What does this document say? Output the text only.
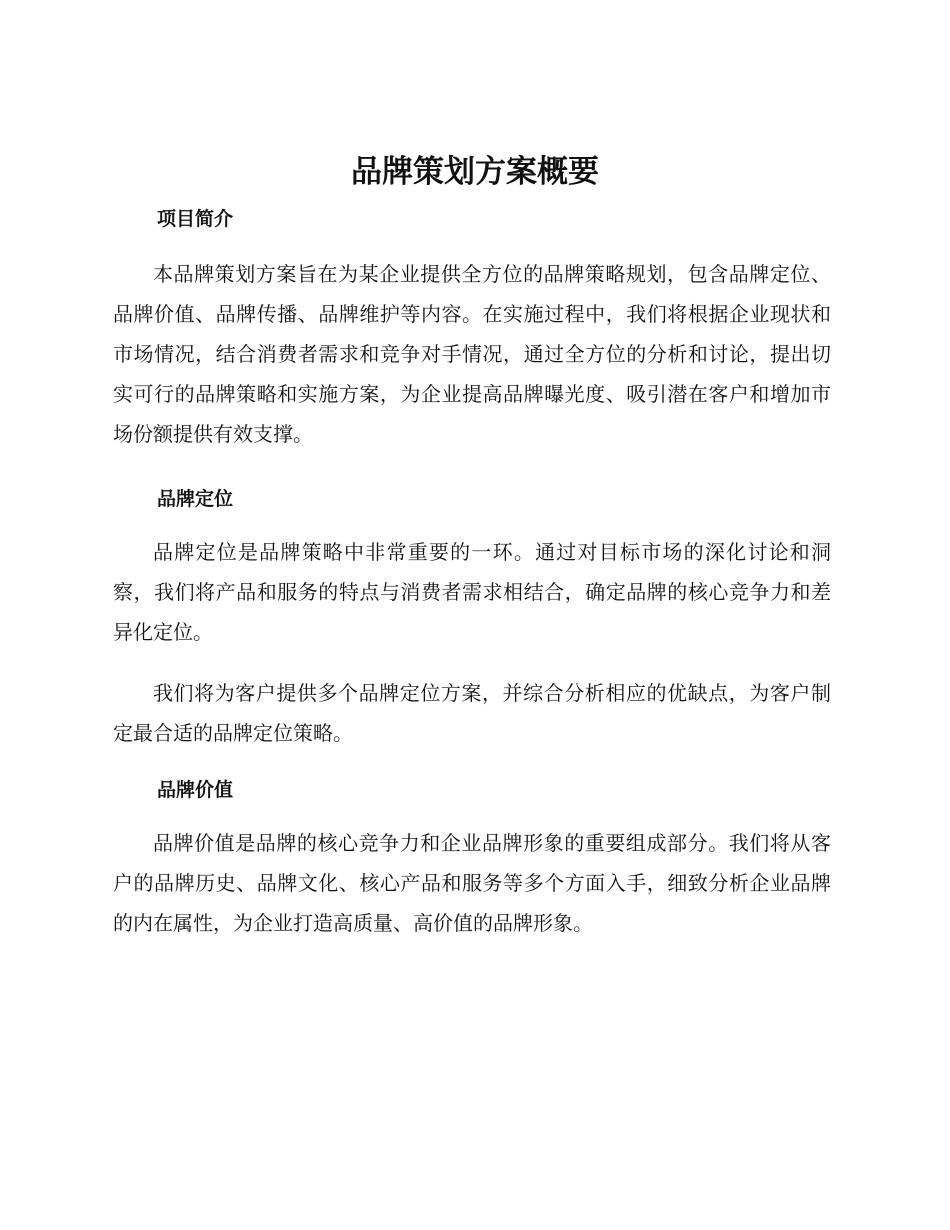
品牌策划方案概要
项目简介

本品牌策划方案旨在为某企业提供全方位的品牌策略规划，包含品牌定位、品牌价值、品牌传播、品牌维护等内容。在实施过程中，我们将根据企业现状和市场情况，结合消费者需求和竞争对手情况，通过全方位的分析和讨论，提出切实可行的品牌策略和实施方案，为企业提高品牌曝光度、吸引潜在客户和增加市场份额提供有效支撑。

品牌定位

品牌定位是品牌策略中非常重要的一环。通过对目标市场的深化讨论和洞察，我们将产品和服务的特点与消费者需求相结合，确定品牌的核心竞争力和差异化定位。

我们将为客户提供多个品牌定位方案，并综合分析相应的优缺点，为客户制定最合适的品牌定位策略。

品牌价值

品牌价值是品牌的核心竞争力和企业品牌形象的重要组成部分。我们将从客户的品牌历史、品牌文化、核心产品和服务等多个方面入手，细致分析企业品牌的内在属性，为企业打造高质量、高价值的品牌形象。
